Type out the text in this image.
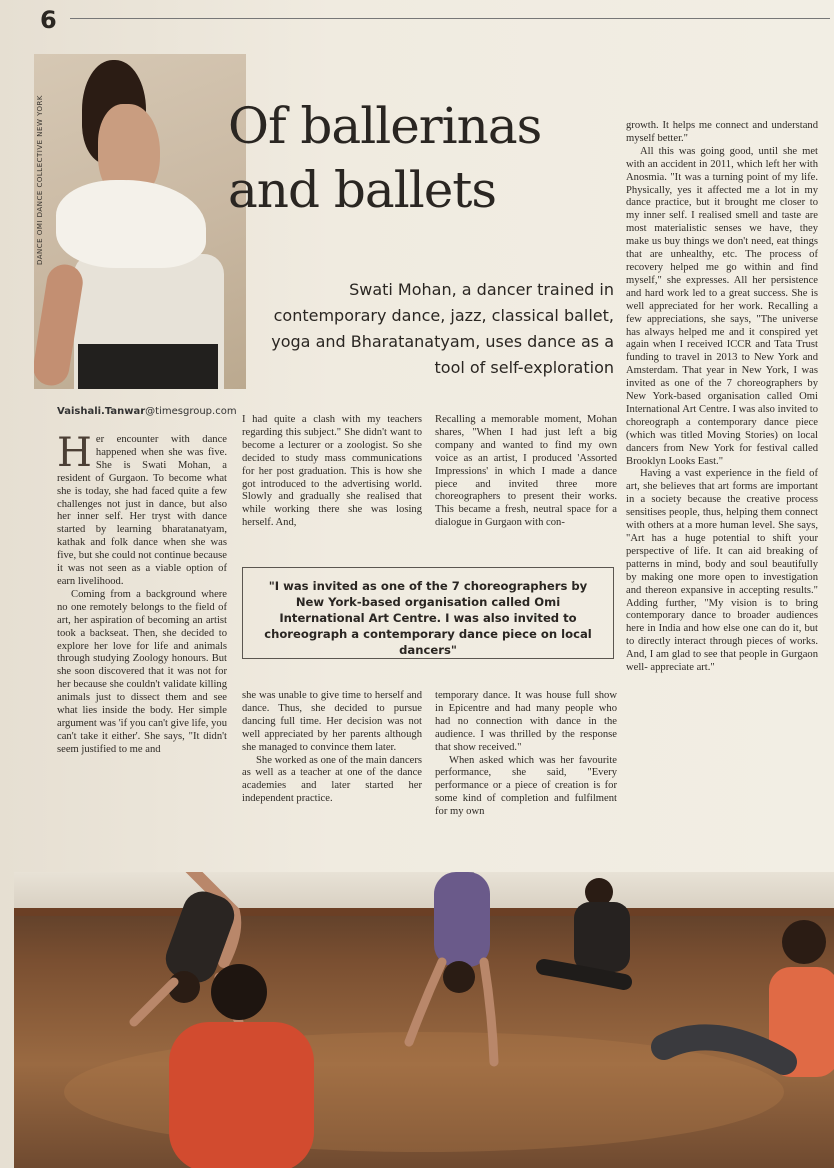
6
DANCE OMI DANCE COLLECTIVE NEW YORK	Of ballerinas and ballets

Swati Mohan, a dancer trained in contemporary dance, jazz, classical ballet, yoga and Bharatanatyam, uses dance as a tool of self-exploration

Vaishali.Tanwar@timesgroup.com

Her encounter with dance happened when she was five. She is Swati Mohan, a resident of Gurgaon. To become what she is today, she had faced quite a few challenges not just in dance, but also her inner self. Her tryst with dance started by learning bharatanatyam, kathak and folk dance when she was five, but she could not continue because it was not seen as a viable option of earn livelihood.

Coming from a background where no one remotely belongs to the field of art, her aspiration of becoming an artist took a backseat. Then, she decided to explore her love for life and animals through studying Zoology honours. But she soon discovered that it was not for her because she couldn't validate killing animals just to dissect them and see what lies inside the body. Her simple argument was 'if you can't give life, you can't take it either'. She says, "It didn't seem justified to me and

I had quite a clash with my teachers regarding this subject." She didn't want to become a lecturer or a zoologist. So she decided to study mass communications for her post graduation. This is how she got introduced to the advertising world. Slowly and gradually she realised that while working there she was losing herself. And,

Recalling a memorable moment, Mohan shares, "When I had just left a big company and wanted to find my own voice as an artist, I produced 'Assorted Impressions' in which I made a dance piece and invited three more choreographers to present their works. This became a fresh, neutral space for a dialogue in Gurgaon with con-

"I was invited as one of the 7 choreographers by New York-based organisation called Omi International Art Centre. I was also invited to choreograph a contemporary dance piece on local dancers"

she was unable to give time to herself and dance. Thus, she decided to pursue dancing full time. Her decision was not well appreciated by her parents although she managed to convince them later.

She worked as one of the main dancers as well as a teacher at one of the dance academies and later started her independent practice.

temporary dance. It was house full show in Epicentre and had many people who had no connection with dance in the audience. I was thrilled by the response that show received."

When asked which was her favourite performance, she said, "Every performance or a piece of creation is for some kind of completion and fulfilment for my own

growth. It helps me connect and understand myself better."

All this was going good, until she met with an accident in 2011, which left her with Anosmia. "It was a turning point of my life. Physically, yes it affected me a lot in my dance practice, but it brought me closer to my inner self. I realised smell and taste are most materialistic senses we have, they make us buy things we don't need, eat things that are unhealthy, etc. The process of recovery helped me go within and find myself," she expresses. All her persistence and hard work led to a great success. She is well appreciated for her work. Recalling a few appreciations, she says, "The universe has always helped me and it conspired yet again when I received ICCR and Tata Trust funding to travel in 2013 to New York and Amsterdam. That year in New York, I was invited as one of the 7 choreographers by New York-based organisation called Omi International Art Centre. I was also invited to choreograph a contemporary dance piece (which was titled Moving Stories) on local dancers from New York for festival called Brooklyn Looks East."

Having a vast experience in the field of art, she believes that art forms are important in a society because the creative process sensitises people, thus, helping them connect with others at a more human level. She says, "Art has a huge potential to shift your perspective of life. It can aid breaking of patterns in mind, body and soul beautifully by making one more open to investigation and thereon expansive in accepting results." Adding further, "My vision is to bring contemporary dance to broader audiences here in India and how else one can do it, but to directly interact through pieces of works. And, I am glad to see that people in Gurgaon well- appreciate art."
